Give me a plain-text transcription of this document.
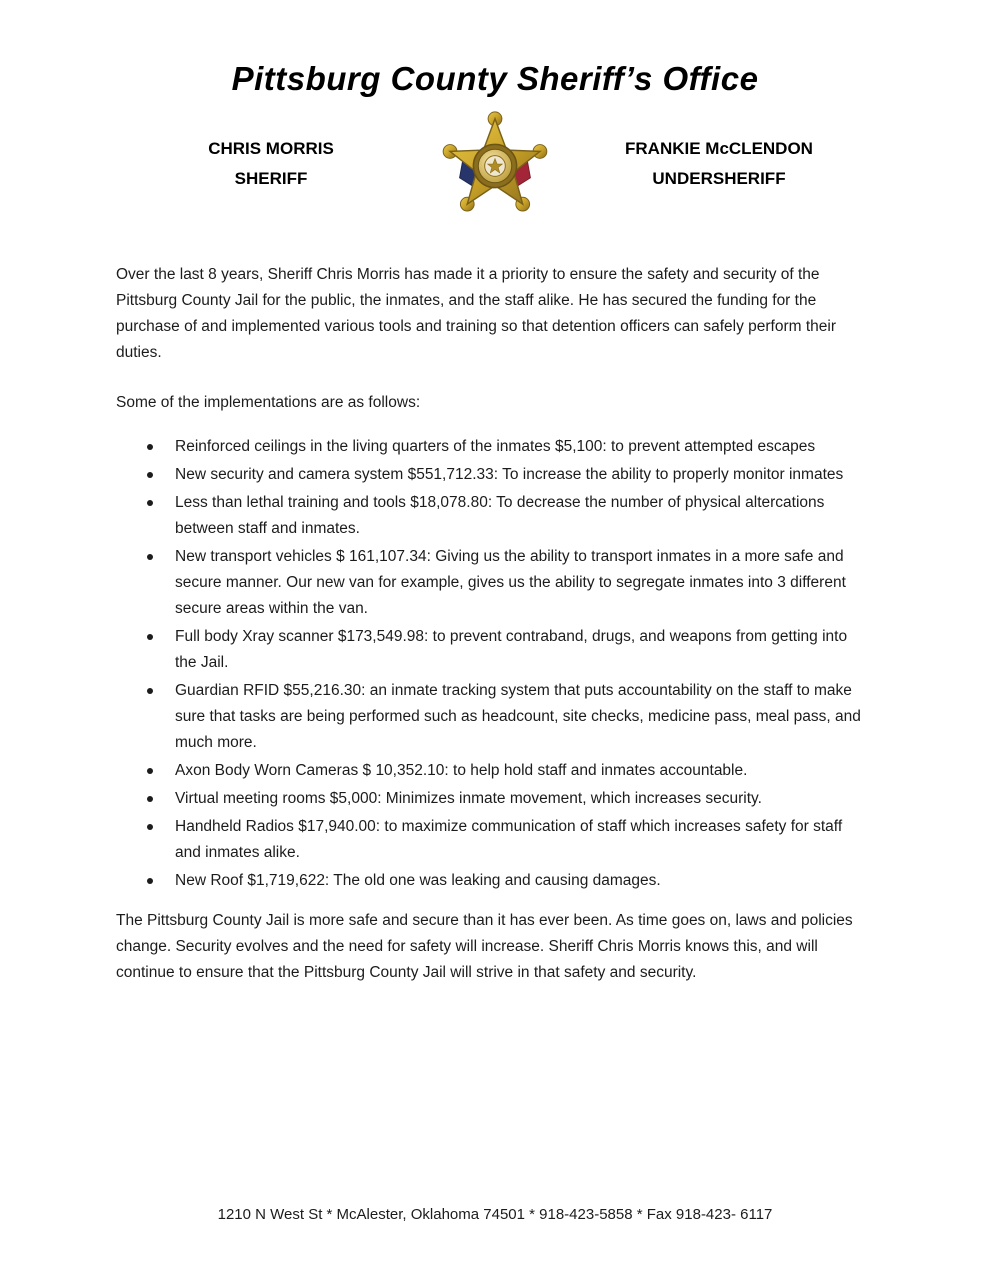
Pittsburg County Sheriff’s Office
CHRIS MORRIS
SHERIFF
FRANKIE McCLENDON
UNDERSHERIFF

Over the last 8 years, Sheriff Chris Morris has made it a priority to ensure the safety and security of the Pittsburg County Jail for the public, the inmates, and the staff alike. He has secured the funding for the purchase of and implemented various tools and training so that detention officers can safely perform their duties.

Some of the implementations are as follows:

Reinforced ceilings in the living quarters of the inmates $5,100: to prevent attempted escapes
New security and camera system $551,712.33: To increase the ability to properly monitor inmates
Less than lethal training and tools $18,078.80: To decrease the number of physical altercations between staff and inmates.
New transport vehicles $ 161,107.34: Giving us the ability to transport inmates in a more safe and secure manner. Our new van for example, gives us the ability to segregate inmates into 3 different secure areas within the van.
Full body Xray scanner $173,549.98: to prevent contraband, drugs, and weapons from getting into the Jail.
Guardian RFID $55,216.30: an inmate tracking system that puts accountability on the staff to make sure that tasks are being performed such as headcount, site checks, medicine pass, meal pass, and much more.
Axon Body Worn Cameras $ 10,352.10: to help hold staff and inmates accountable.
Virtual meeting rooms $5,000: Minimizes inmate movement, which increases security.
Handheld Radios $17,940.00: to maximize communication of staff which increases safety for staff and inmates alike.
New Roof $1,719,622: The old one was leaking and causing damages.

The Pittsburg County Jail is more safe and secure than it has ever been. As time goes on, laws and policies change. Security evolves and the need for safety will increase. Sheriff Chris Morris knows this, and will continue to ensure that the Pittsburg County Jail will strive in that safety and security.

1210 N West St * McAlester, Oklahoma 74501 * 918-423-5858 * Fax 918-423- 6117
